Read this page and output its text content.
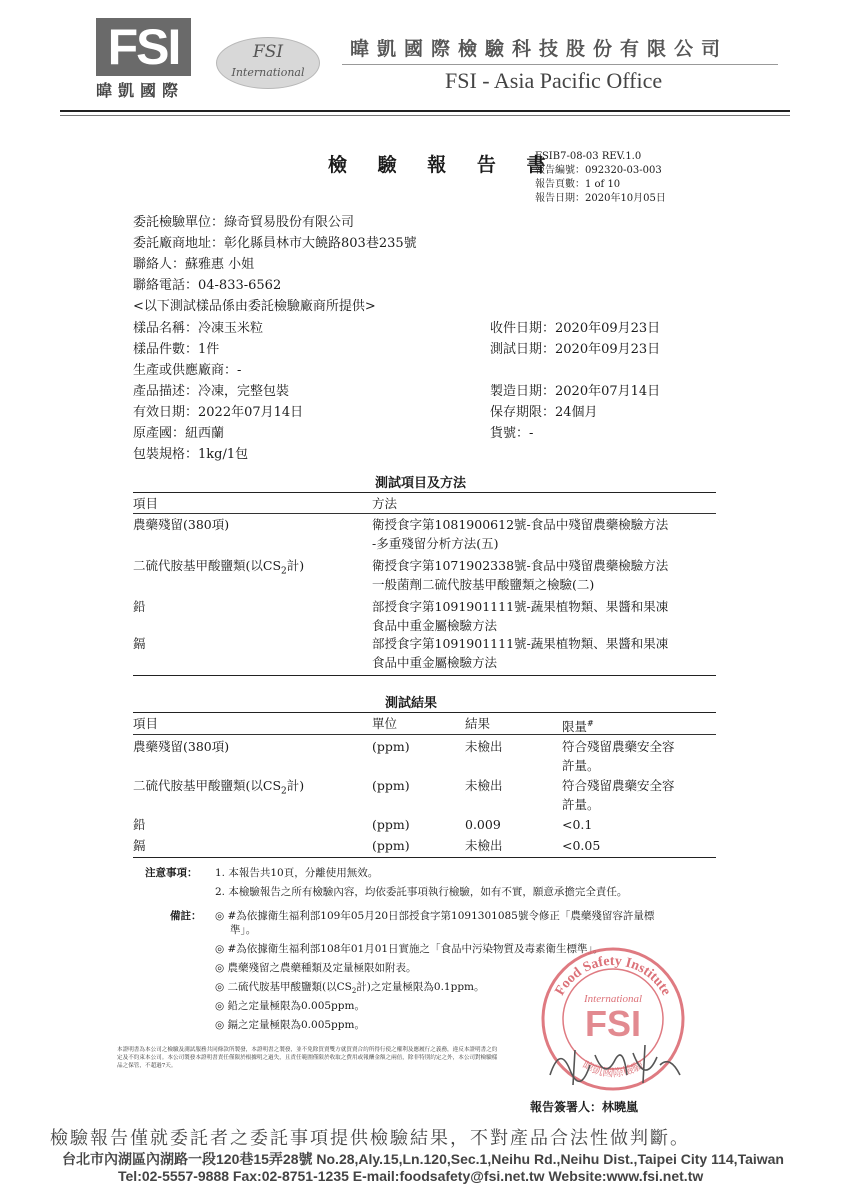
FSI
暐凱國際
FSI
International
暐凱國際檢驗科技股份有限公司
FSI - Asia Pacific Office
檢 驗 報 告 書
FSIB7-08-03 REV.1.0
報告編號：092320-03-003
報告頁數：1 of 10
報告日期：2020年10月05日
委託檢驗單位：綠奇貿易股份有限公司
委託廠商地址：彰化縣員林市大饒路803巷235號
聯絡人：蘇雅惠 小姐
聯絡電話：04-833-6562
<以下測試樣品係由委託檢驗廠商所提供>
樣品名稱：冷凍玉米粒
樣品件數：1件
生產或供應廠商：-
產品描述：冷凍，完整包裝
有效日期：2022年07月14日
原產國：紐西蘭
包裝規格：1kg/1包
收件日期：2020年09月23日
測試日期：2020年09月23日
製造日期：2020年07月14日
保存期限：24個月
貨號：-
測試項目及方法
項目	方法
農藥殘留(380項)	衛授食字第1081900612號-食品中殘留農藥檢驗方法
-多重殘留分析方法(五)
二硫代胺基甲酸鹽類(以$CS_2$計)	衛授食字第1071902338號-食品中殘留農藥檢驗方法
一般菌劑二硫代胺基甲酸鹽類之檢驗(二)
鉛	部授食字第1091901111號-蔬果植物類、果醬和果凍
食品中重金屬檢驗方法
鎘	部授食字第1091901111號-蔬果植物類、果醬和果凍
食品中重金屬檢驗方法
測試結果
項目	單位	結果	限量#
農藥殘留(380項)	(ppm)	未檢出	符合殘留農藥安全容
許量。
二硫代胺基甲酸鹽類(以$CS_2$計)	(ppm)	未檢出	符合殘留農藥安全容
許量。
鉛	(ppm)	0.009	<0.1
鎘	(ppm)	未檢出	<0.05
注意事項： 1. 本報告共10頁，分離使用無效。
2. 本檢驗報告之所有檢驗內容，均依委託事項執行檢驗，如有不實，願意承擔完全責任。
備註： ◎ #為依據衛生福利部109年05月20日部授食字第1091301085號令修正「農藥殘留容許量標
準」。
◎ #為依據衛生福利部108年01月01日實施之「食品中污染物質及毒素衛生標準」。
◎ 農藥殘留之農藥種類及定量極限如附表。
◎ 二硫代胺基甲酸鹽類(以$CS_2$計)之定量極限為0.1ppm。
◎ 鉛之定量極限為0.005ppm。
◎ 鎘之定量極限為0.005ppm。
本證明書為本公司之檢驗及測試服務共同條款所製發，本證明書之製發，並不免除買賣雙方就買賣合約所得行使之權利及應履行之義務，違反本證明書之約定及不約束本公司。本公司製發本證明書責任僅限於根據明之過失，且責任範圍僅限於收取之費用或報酬金額之兩倍，除非特別約定之外，本公司對檢驗樣品之保管，不超過7天。
Food Safety Institute
International
FSI
暐凱國際檢驗
報告簽署人：林曉嵐
檢驗報告僅就委託者之委託事項提供檢驗結果，不對產品合法性做判斷。
台北市內湖區內湖路一段120巷15弄28號 No.28,Aly.15,Ln.120,Sec.1,Neihu Rd.,Neihu Dist.,Taipei City 114,Taiwan
Tel:02-5557-9888 Fax:02-8751-1235 E-mail:foodsafety@fsi.net.tw Website:www.fsi.net.tw
